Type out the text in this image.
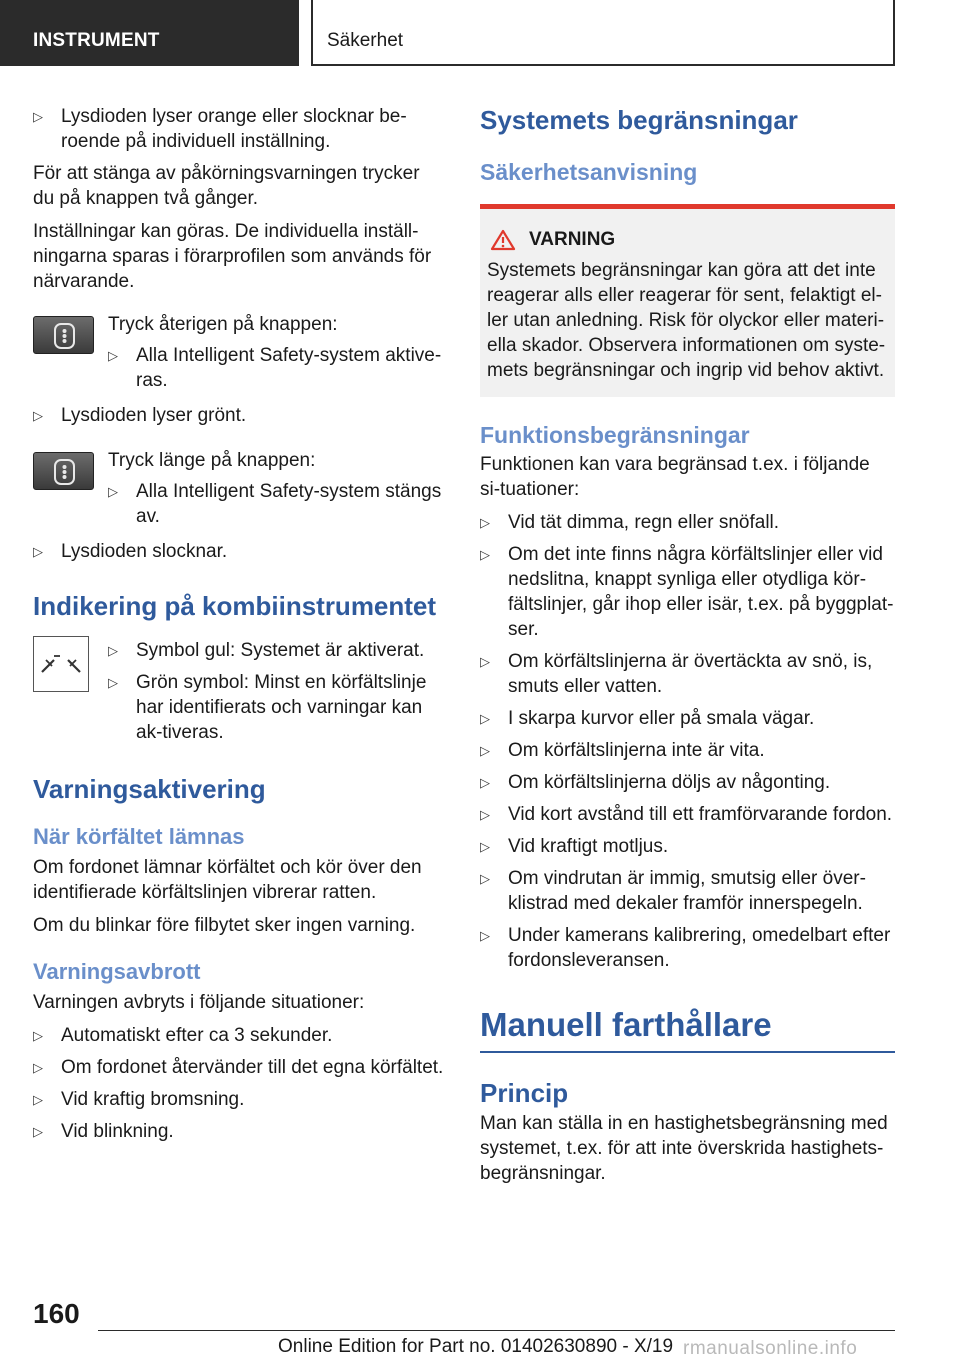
INSTRUMENT	Säkerhet
▷ Lysdioden lyser orange eller slocknar be-roende på individuell inställning.

För att stänga av påkörningsvarningen trycker du på knappen två gånger.

Inställningar kan göras. De individuella inställ-ningarna sparas i förarprofilen som används för närvarande.

Tryck återigen på knappen:

▷ Alla Intelligent Safety-system aktive-ras.
▷ Lysdioden lyser grönt.

Tryck länge på knappen:

▷ Alla Intelligent Safety-system stängs av.
▷ Lysdioden slocknar.
Indikering på kombiinstrumentet
▷ Symbol gul: Systemet är aktiverat.
▷ Grön symbol: Minst en körfältslinje har identifierats och varningar kan ak-tiveras.
Varningsaktivering
När körfältet lämnas

Om fordonet lämnar körfältet och kör över den identifierade körfältslinjen vibrerar ratten.

Om du blinkar före filbytet sker ingen varning.

Varningsavbrott

Varningen avbryts i följande situationer:

▷ Automatiskt efter ca 3 sekunder.
▷ Om fordonet återvänder till det egna körfältet.
▷ Vid kraftig bromsning.
▷ Vid blinkning.
Systemets begränsningar
Säkerhetsanvisning
VARNING

Systemets begränsningar kan göra att det inte reagerar alls eller reagerar för sent, felaktigt el-ler utan anledning. Risk för olyckor eller materi-ella skador. Observera informationen om syste-mets begränsningar och ingrip vid behov aktivt.

Funktionsbegränsningar

Funktionen kan vara begränsad t.ex. i följande si-tuationer:

▷ Vid tät dimma, regn eller snöfall.
▷ Om det inte finns några körfältslinjer eller vid nedslitna, knappt synliga eller otydliga kör-fältslinjer, går ihop eller isär, t.ex. på byggplat-ser.
▷ Om körfältslinjerna är övertäckta av snö, is, smuts eller vatten.
▷ I skarpa kurvor eller på smala vägar.
▷ Om körfältslinjerna inte är vita.
▷ Om körfältslinjerna döljs av någonting.
▷ Vid kort avstånd till ett framförvarande fordon.
▷ Vid kraftigt motljus.
▷ Om vindrutan är immig, smutsig eller över-klistrad med dekaler framför innerspegeln.
▷ Under kamerans kalibrering, omedelbart efter fordonsleveransen.
Manuell farthållare
Princip

Man kan ställa in en hastighetsbegränsning med systemet, t.ex. för att inte överskrida hastighets-begränsningar.

160
Online Edition for Part no. 01402630890 - X/19 rmanualsonline.info
